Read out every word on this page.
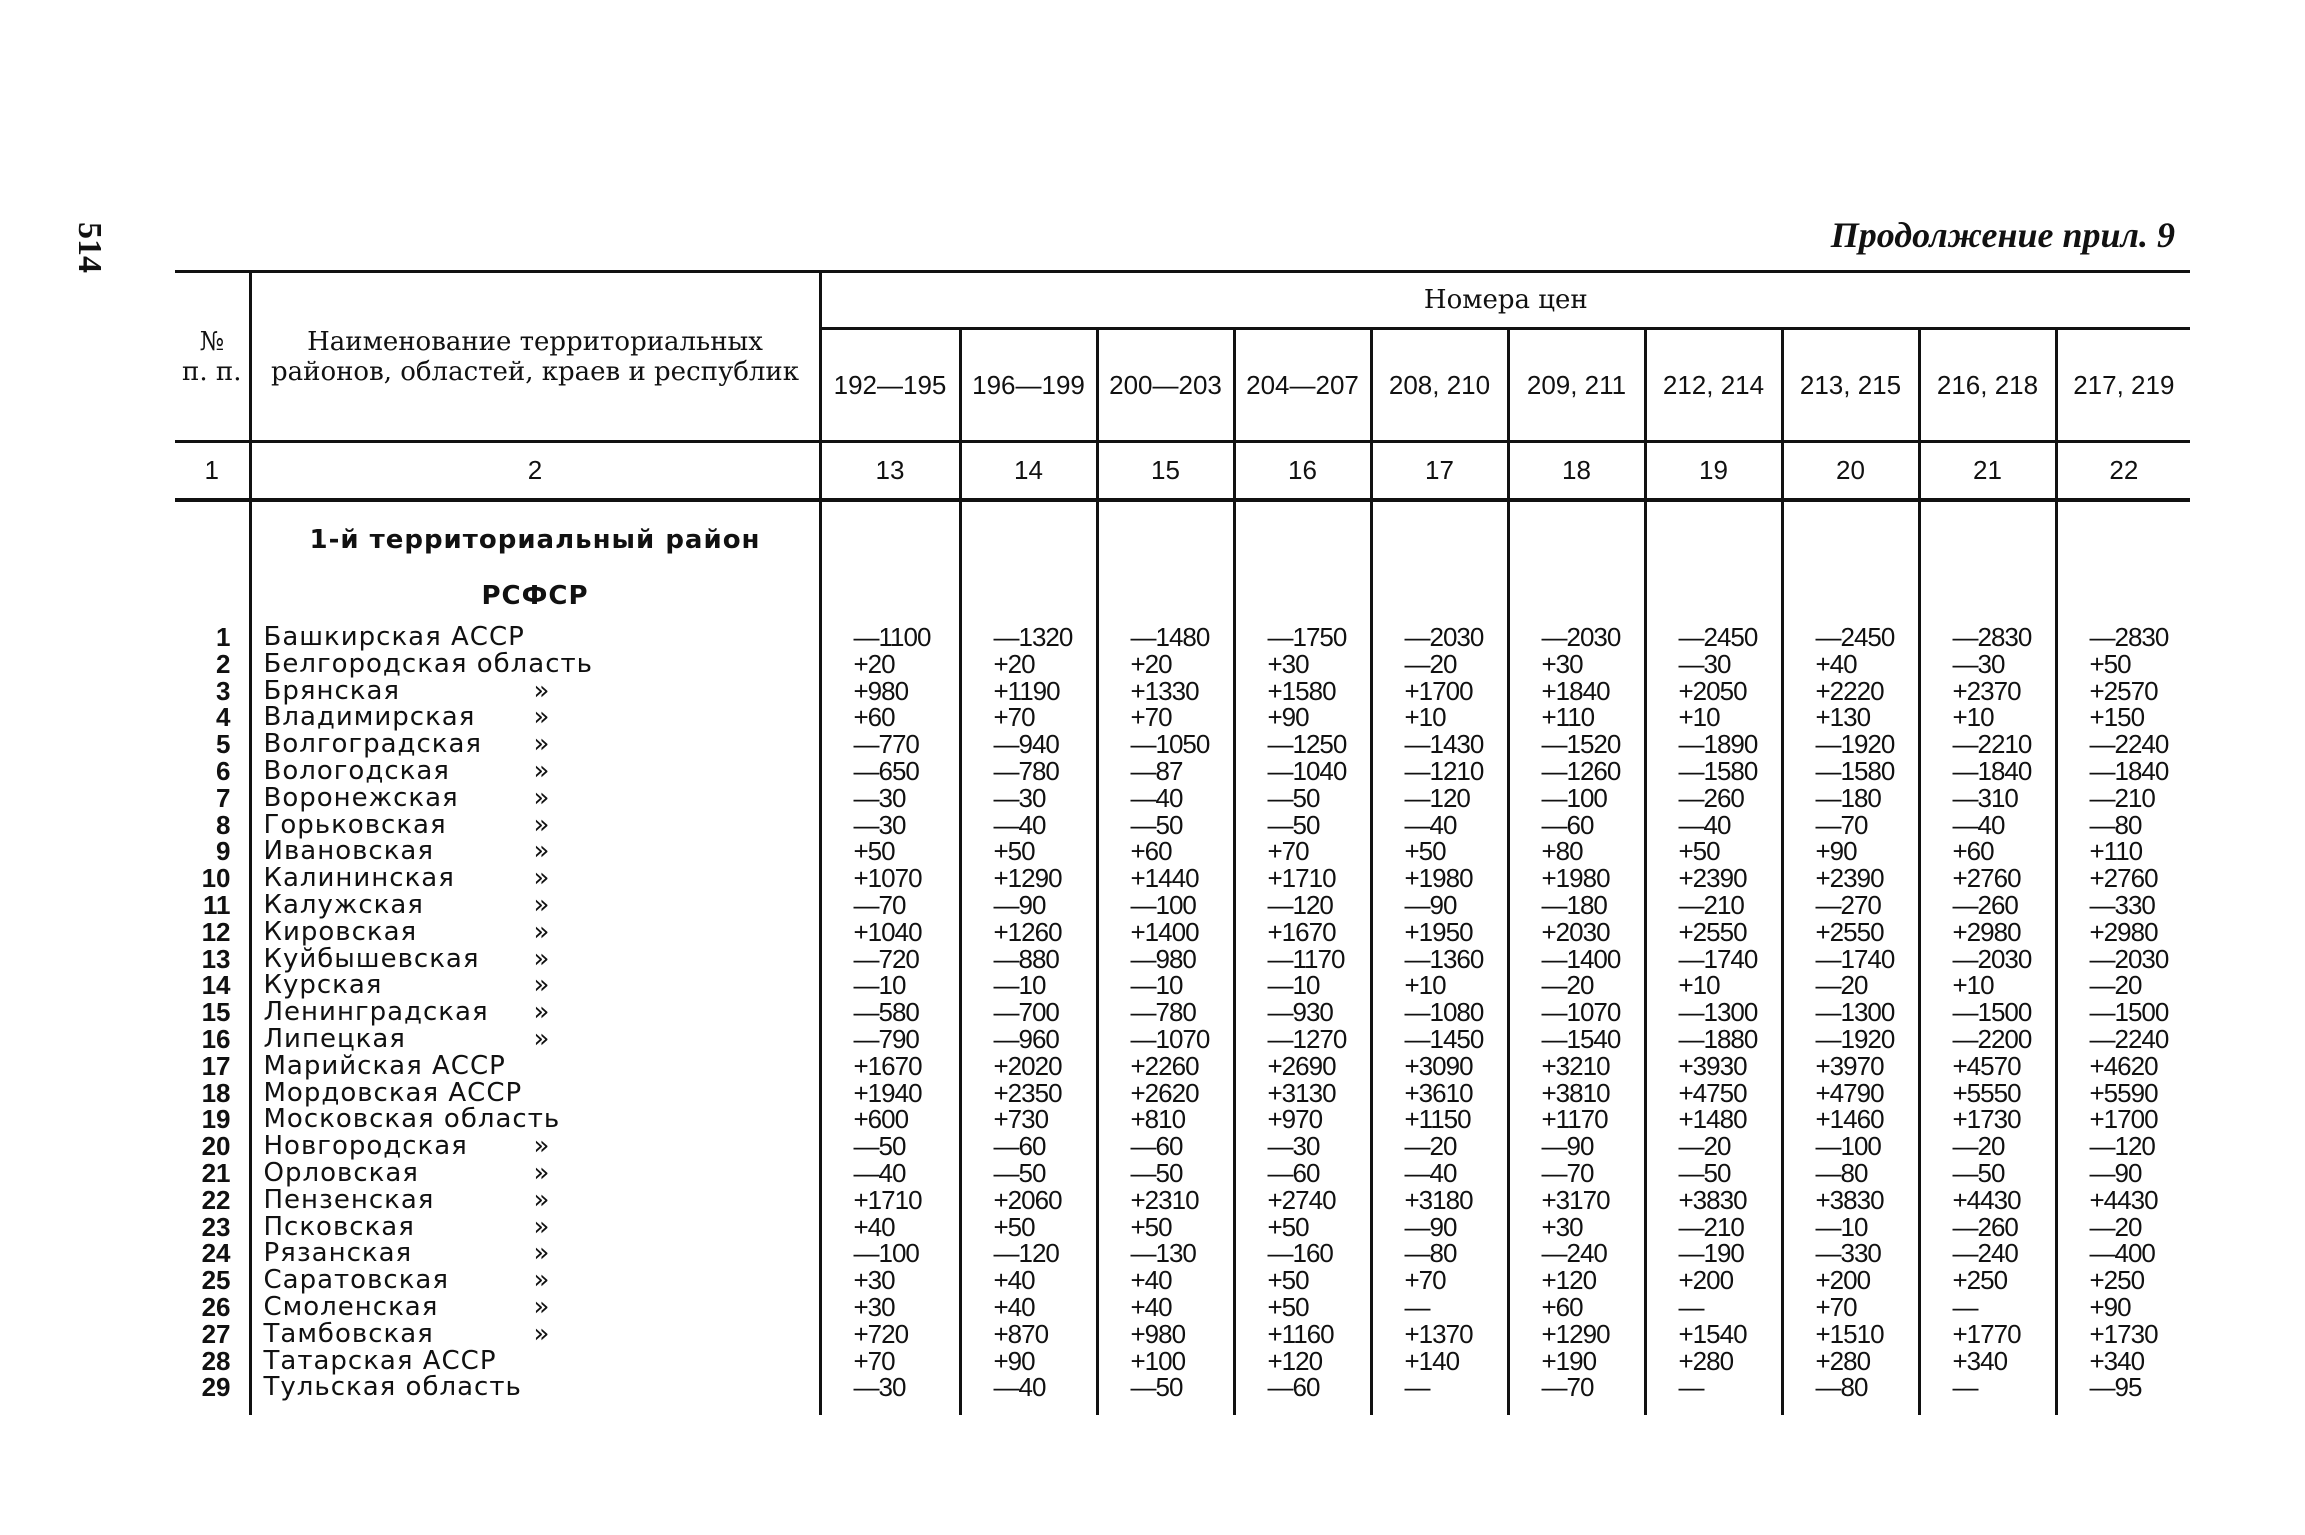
514	Продолжение прил. 9
№
п. п.	Наименование территориальных районов, областей, краев и республик	Номера цен									
		192—195	196—199	200—203	204—207	208, 210	209, 211	212, 214	213, 215	216, 218	217, 219
1	2	13	14	15	16	17	18	19	20	21	22

	1-й территориальный район										
	РСФСР										
1	Башкирская АССР	—1100	—1320	—1480	—1750	—2030	—2030	—2450	—2450	—2830	—2830
2	Белгородская область	+20	+20	+20	+30	—20	+30	—30	+40	—30	+50
3	Брянская »	+980	+1190	+1330	+1580	+1700	+1840	+2050	+2220	+2370	+2570
4	Владимирская »	+60	+70	+70	+90	+10	+110	+10	+130	+10	+150
5	Волгоградская »	—770	—940	—1050	—1250	—1430	—1520	—1890	—1920	—2210	—2240
6	Вологодская »	—650	—780	—87	—1040	—1210	—1260	—1580	—1580	—1840	—1840
7	Воронежская »	—30	—30	—40	—50	—120	—100	—260	—180	—310	—210
8	Горьковская »	—30	—40	—50	—50	—40	—60	—40	—70	—40	—80
9	Ивановская »	+50	+50	+60	+70	+50	+80	+50	+90	+60	+110
10	Калининская »	+1070	+1290	+1440	+1710	+1980	+1980	+2390	+2390	+2760	+2760
11	Калужская »	—70	—90	—100	—120	—90	—180	—210	—270	—260	—330
12	Кировская »	+1040	+1260	+1400	+1670	+1950	+2030	+2550	+2550	+2980	+2980
13	Куйбышевская »	—720	—880	—980	—1170	—1360	—1400	—1740	—1740	—2030	—2030
14	Курская »	—10	—10	—10	—10	+10	—20	+10	—20	+10	—20
15	Ленинградская »	—580	—700	—780	—930	—1080	—1070	—1300	—1300	—1500	—1500
16	Липецкая »	—790	—960	—1070	—1270	—1450	—1540	—1880	—1920	—2200	—2240
17	Марийская АССР	+1670	+2020	+2260	+2690	+3090	+3210	+3930	+3970	+4570	+4620
18	Мордовская АССР	+1940	+2350	+2620	+3130	+3610	+3810	+4750	+4790	+5550	+5590
19	Московская область	+600	+730	+810	+970	+1150	+1170	+1480	+1460	+1730	+1700
20	Новгородская »	—50	—60	—60	—30	—20	—90	—20	—100	—20	—120
21	Орловская »	—40	—50	—50	—60	—40	—70	—50	—80	—50	—90
22	Пензенская »	+1710	+2060	+2310	+2740	+3180	+3170	+3830	+3830	+4430	+4430
23	Псковская »	+40	+50	+50	+50	—90	+30	—210	—10	—260	—20
24	Рязанская »	—100	—120	—130	—160	—80	—240	—190	—330	—240	—400
25	Саратовская »	+30	+40	+40	+50	+70	+120	+200	+200	+250	+250
26	Смоленская »	+30	+40	+40	+50	—	+60	—	+70	—	+90
27	Тамбовская »	+720	+870	+980	+1160	+1370	+1290	+1540	+1510	+1770	+1730
28	Татарская АССР	+70	+90	+100	+120	+140	+190	+280	+280	+340	+340
29	Тульская область	—30	—40	—50	—60	—	—70	—	—80	—	—95
